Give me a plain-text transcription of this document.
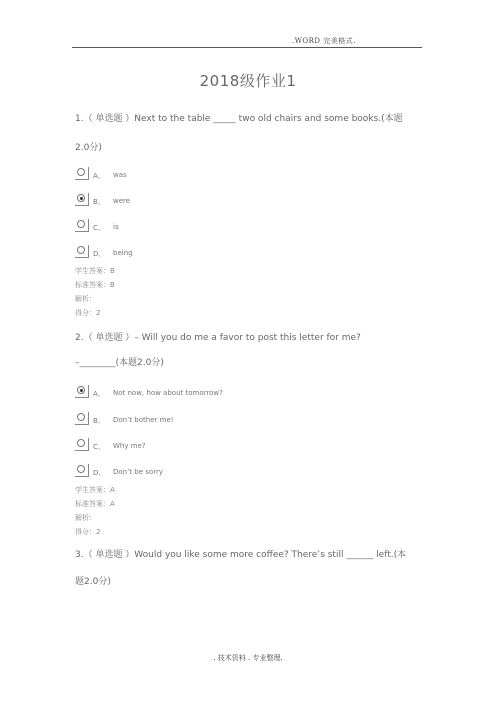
.WORD 完美格式.
2018级作业1
1.（ 单选题 ）Next to the table _____ two old chairs and some books.(本题
2.0分)
A、 was
B、 were
C、 is
D、 being
学生答案：B
标准答案：B
解析：
得分：2
2.（ 单选题 ）– Will you do me a favor to post this letter for me?
–________(本题2.0分)
A、 Not now, how about tomorrow?
B、 Don’t bother me!
C、 Why me?
D、 Don’t be sorry
学生答案：A
标准答案：A
解析：
得分：2
3.（ 单选题 ）Would you like some more coffee? There’s still ______ left.(本
题2.0分)
. 技术资料 . 专业整理.
